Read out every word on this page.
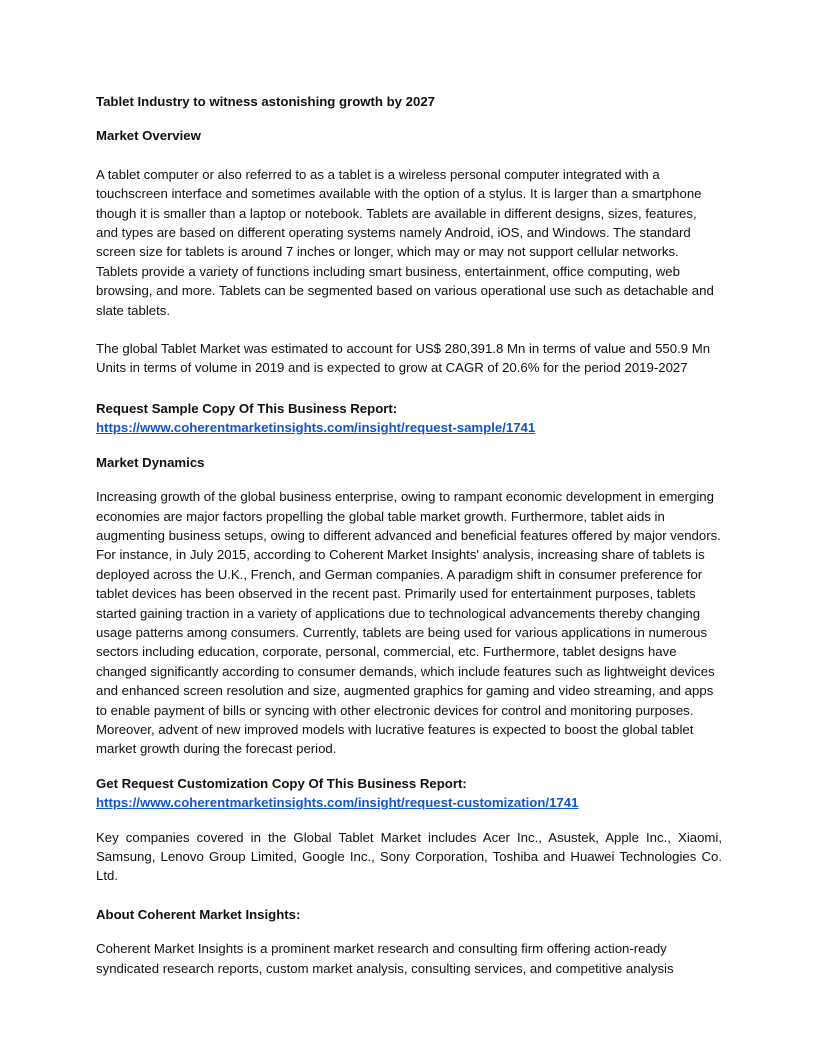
Tablet Industry to witness astonishing growth by 2027

Market Overview

A tablet computer or also referred to as a tablet is a wireless personal computer integrated with a touchscreen interface and sometimes available with the option of a stylus. It is larger than a smartphone though it is smaller than a laptop or notebook. Tablets are available in different designs, sizes, features, and types are based on different operating systems namely Android, iOS, and Windows. The standard screen size for tablets is around 7 inches or longer, which may or may not support cellular networks. Tablets provide a variety of functions including smart business, entertainment, office computing, web browsing, and more. Tablets can be segmented based on various operational use such as detachable and slate tablets.

The global Tablet Market was estimated to account for US$ 280,391.8 Mn in terms of value and 550.9 Mn Units in terms of volume in 2019 and is expected to grow at CAGR of 20.6% for the period 2019-2027

Request Sample Copy Of This Business Report:

https://www.coherentmarketinsights.com/insight/request-sample/1741

Market Dynamics

Increasing growth of the global business enterprise, owing to rampant economic development in emerging economies are major factors propelling the global table market growth. Furthermore, tablet aids in augmenting business setups, owing to different advanced and beneficial features offered by major vendors. For instance, in July 2015, according to Coherent Market Insights' analysis, increasing share of tablets is deployed across the U.K., French, and German companies. A paradigm shift in consumer preference for tablet devices has been observed in the recent past. Primarily used for entertainment purposes, tablets started gaining traction in a variety of applications due to technological advancements thereby changing usage patterns among consumers. Currently, tablets are being used for various applications in numerous sectors including education, corporate, personal, commercial, etc. Furthermore, tablet designs have changed significantly according to consumer demands, which include features such as lightweight devices and enhanced screen resolution and size, augmented graphics for gaming and video streaming, and apps to enable payment of bills or syncing with other electronic devices for control and monitoring purposes. Moreover, advent of new improved models with lucrative features is expected to boost the global tablet market growth during the forecast period.

Get Request Customization Copy Of This Business Report:

https://www.coherentmarketinsights.com/insight/request-customization/1741

Key companies covered in the Global Tablet Market includes Acer Inc., Asustek, Apple Inc., Xiaomi, Samsung, Lenovo Group Limited, Google Inc., Sony Corporation, Toshiba and Huawei Technologies Co. Ltd.

About Coherent Market Insights:

Coherent Market Insights is a prominent market research and consulting firm offering action-ready syndicated research reports, custom market analysis, consulting services, and competitive analysis
